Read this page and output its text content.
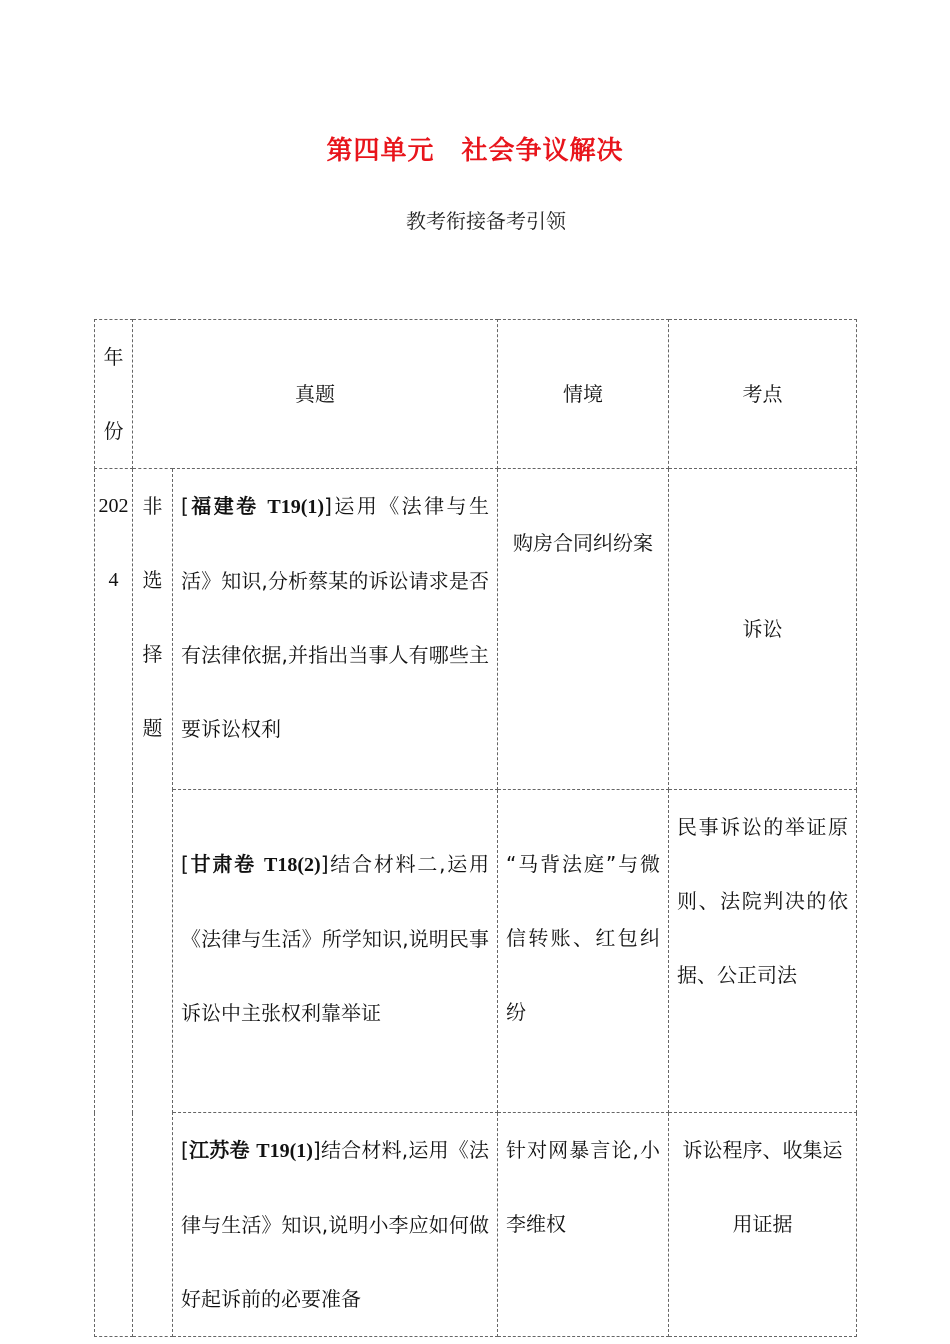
第四单元　社会争议解决
教考衔接备考引领
年份	真题		情境	考点
2024	非选择题	[福建卷 T19(1)]运用《法律与生活》知识,分析蔡某的诉讼请求是否有法律依据,并指出当事人有哪些主要诉讼权利	购房合同纠纷案	诉讼
		[甘肃卷 T18(2)]结合材料二,运用《法律与生活》所学知识,说明民事诉讼中主张权利靠举证	“马背法庭”与微信转账、红包纠纷	民事诉讼的举证原则、法院判决的依据、公正司法
		[江苏卷 T19(1)]结合材料,运用《法律与生活》知识,说明小李应如何做好起诉前的必要准备	针对网暴言论,小李维权	诉讼程序、收集运用证据
